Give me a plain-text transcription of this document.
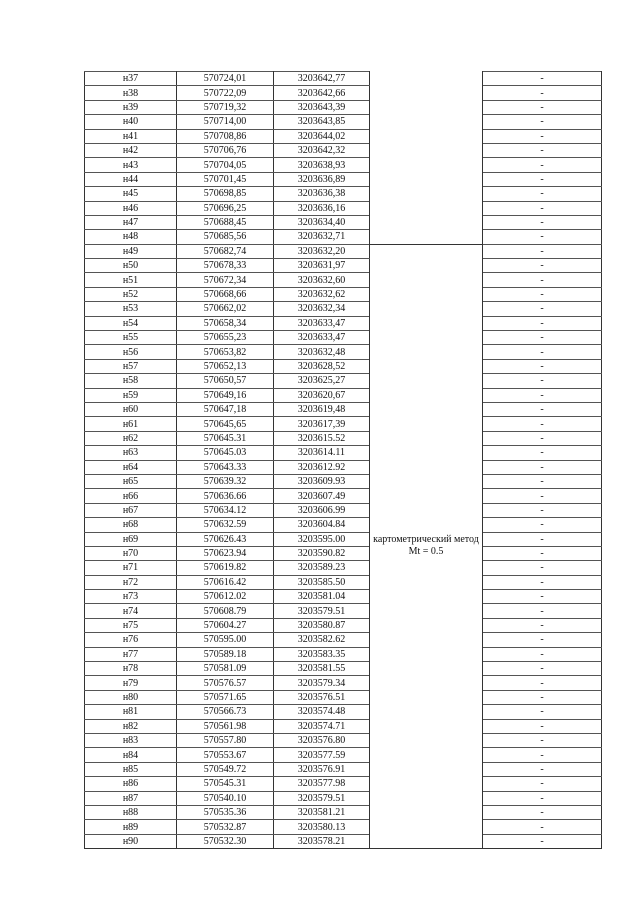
н37	570724,01	3203642,77		-
н38	570722,09	3203642,66		-
н39	570719,32	3203643,39		-
н40	570714,00	3203643,85		-
н41	570708,86	3203644,02		-
н42	570706,76	3203642,32		-
н43	570704,05	3203638,93		-
н44	570701,45	3203636,89		-
н45	570698,85	3203636,38		-
н46	570696,25	3203636,16		-
н47	570688,45	3203634,40		-
н48	570685,56	3203632,71		-
н49	570682,74	3203632,20	картометрический метод Mt = 0.5	-
н50	570678,33	3203631,97		-
н51	570672,34	3203632,60		-
н52	570668,66	3203632,62		-
н53	570662,02	3203632,34		-
н54	570658,34	3203633,47		-
н55	570655,23	3203633,47		-
н56	570653,82	3203632,48		-
н57	570652,13	3203628,52		-
н58	570650,57	3203625,27		-
н59	570649,16	3203620,67		-
н60	570647,18	3203619,48		-
н61	570645,65	3203617,39		-
н62	570645.31	3203615.52		-
н63	570645.03	3203614.11		-
н64	570643.33	3203612.92		-
н65	570639.32	3203609.93		-
н66	570636.66	3203607.49		-
н67	570634.12	3203606.99		-
н68	570632.59	3203604.84		-
н69	570626.43	3203595.00		-
н70	570623.94	3203590.82		-
н71	570619.82	3203589.23		-
н72	570616.42	3203585.50		-
н73	570612.02	3203581.04		-
н74	570608.79	3203579.51		-
н75	570604.27	3203580.87		-
н76	570595.00	3203582.62		-
н77	570589.18	3203583.35		-
н78	570581.09	3203581.55		-
н79	570576.57	3203579.34		-
н80	570571.65	3203576.51		-
н81	570566.73	3203574.48		-
н82	570561.98	3203574.71		-
н83	570557.80	3203576.80		-
н84	570553.67	3203577.59		-
н85	570549.72	3203576.91		-
н86	570545.31	3203577.98		-
н87	570540.10	3203579.51		-
н88	570535.36	3203581.21		-
н89	570532.87	3203580.13		-
н90	570532.30	3203578.21		-
